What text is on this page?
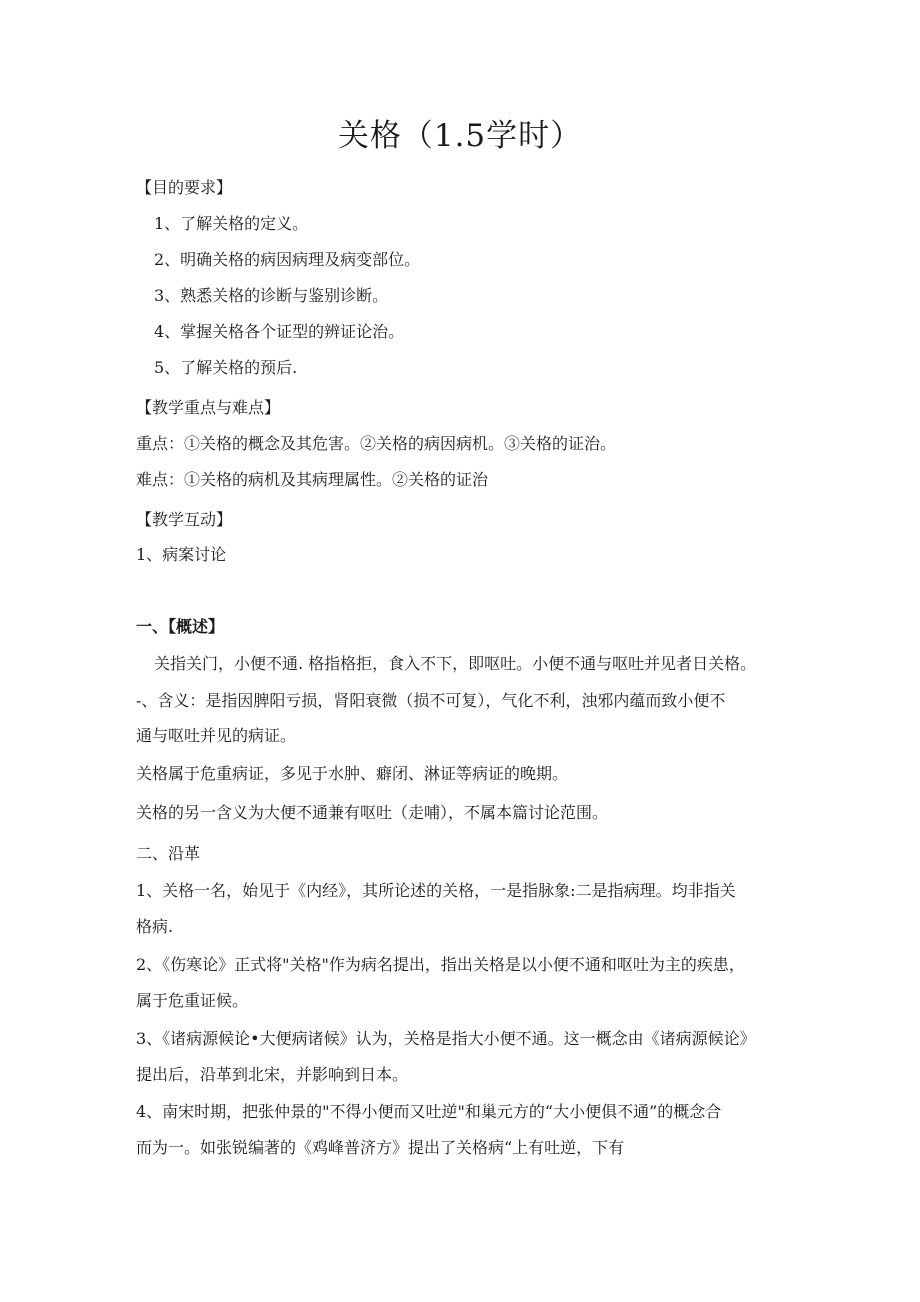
关格（1.5学时）
【目的要求】
1、了解关格的定义。
2、明确关格的病因病理及病变部位。
3、熟悉关格的诊断与鉴别诊断。
4、掌握关格各个证型的辨证论治。
5、了解关格的预后.
【教学重点与难点】
重点：①关格的概念及其危害。②关格的病因病机。③关格的证治。
难点：①关格的病机及其病理属性。②关格的证治
【教学互动】
1、病案讨论
一、【概述】
关指关门，小便不通. 格指格拒，食入不下，即呕吐。小便不通与呕吐并见者日关格。
-、含义：是指因脾阳亏损，肾阳衰微（损不可复），气化不利，浊邪内蕴而致小便不
通与呕吐并见的病证。
关格属于危重病证，多见于水肿、癖闭、淋证等病证的晚期。
关格的另一含义为大便不通兼有呕吐（走哺），不属本篇讨论范围。
二、沿革
1、关格一名，始见于《内经》，其所论述的关格，一是指脉象:二是指病理。均非指关
格病.
2、《伤寒论》正式将"关格"作为病名提出，指出关格是以小便不通和呕吐为主的疾患，
属于危重证候。
3、《诸病源候论•大便病诸候》认为，关格是指大小便不通。这一概念由《诸病源候论》
提出后，沿革到北宋，并影响到日本。
4、南宋时期，把张仲景的"不得小便而又吐逆"和巢元方的“大小便俱不通”的概念合
而为一。如张锐编著的《鸡峰普济方》提出了关格病“上有吐逆，下有
